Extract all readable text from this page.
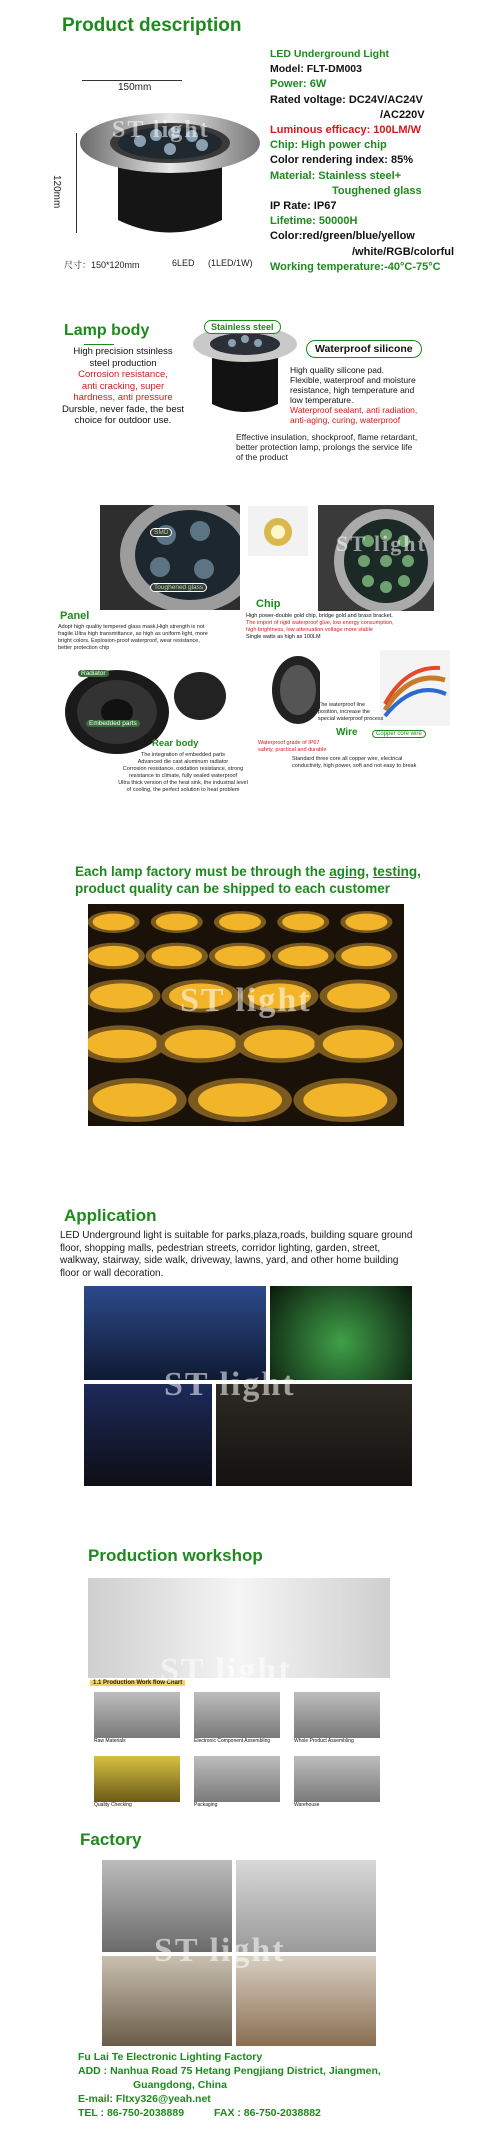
Product description
150mm
120mm
ST light
尺寸：150*120mm	6LED (1LED/1W)
LED Underground Light
Model: FLT-DM003
Power: 6W
Rated voltage: DC24V/AC24V
/AC220V
Luminous efficacy: 100LM/W
Chip: High power chip
Color rendering index: 85%
Material: Stainless steel+
Toughened glass
IP Rate: IP67
Lifetime: 50000H
Color:red/green/blue/yellow
/white/RGB/colorful
Working temperature:-40°C-75°C
Lamp body	Stainless steel
Waterproof silicone
High precision stsinless
steel production
Corrosion resistance,
anti cracking, super
hardness, anti pressure
Dursble, never fade, the best
choice for outdoor use.
High quality silicone pad.
Flexible, waterproof and moisture
resistance, high temperature and
low temperature.
Waterproof sealant, anti radiation,
anti-aging, curing, waterproof
Effective insulation, shockproof, flame retardant,
better protection lamp, prolongs the service life
of the product
SMD
Toughened glass
Panel
Adopt high quality tempered glass mask,High strength is not
fragile.Ultra high transmittance, as high as uniform light, more
bright colors. Explosion-proof waterproof, wear resistance,
better protection chip
ST light
Chip
High power-double gold chip, bridge gold and brass bracket.
The import of rigid waterproof glue, low energy consumption,
high brightness, low attenuation voltage more stable
Single watts as high as 100LM
Radiator
Embedded parts
Rear body
The integration of embedded parts
Advanced die cast aluminum radiator
Corrosion resistance, oxidation resistance, strong
resistance to climate, fully sealed waterproof
Ultra thick version of the heat sink, the industrial level
of cooling, the perfect solution to heat problem
Copper core wire
The waterproof line
position, increase the
special waterproof process
Wire
Waterproof grade of IP67
safety, practical and durable
Standard three core all copper wire, electrical
conductivity, high power, soft and not easy to break
Each lamp factory must be through the aging, testing,
product quality can be shipped to each customer
ST light
Application
LED Underground light is suitable for parks,plaza,roads, building square ground
floor, shopping malls, pedestrian streets, corridor lighting, garden, street,
walkway, stairway, side walk, driveway, lawns, yard, and other home building
floor or wall decoration.
ST light
Production workshop
1.1 Production Work flow Chart
Raw Materials	Electronic Component Assembling	Whole Product Assembling
Quality Checking	Packaging	Warehouse
ST light
Factory
ST light
Fu Lai Te Electronic Lighting Factory
ADD : Nanhua Road 75 Hetang Pengjiang District, Jiangmen,
Guangdong, China
E-mail: Fltxy326@yeah.net
TEL : 86-750-2038889	FAX : 86-750-2038882
